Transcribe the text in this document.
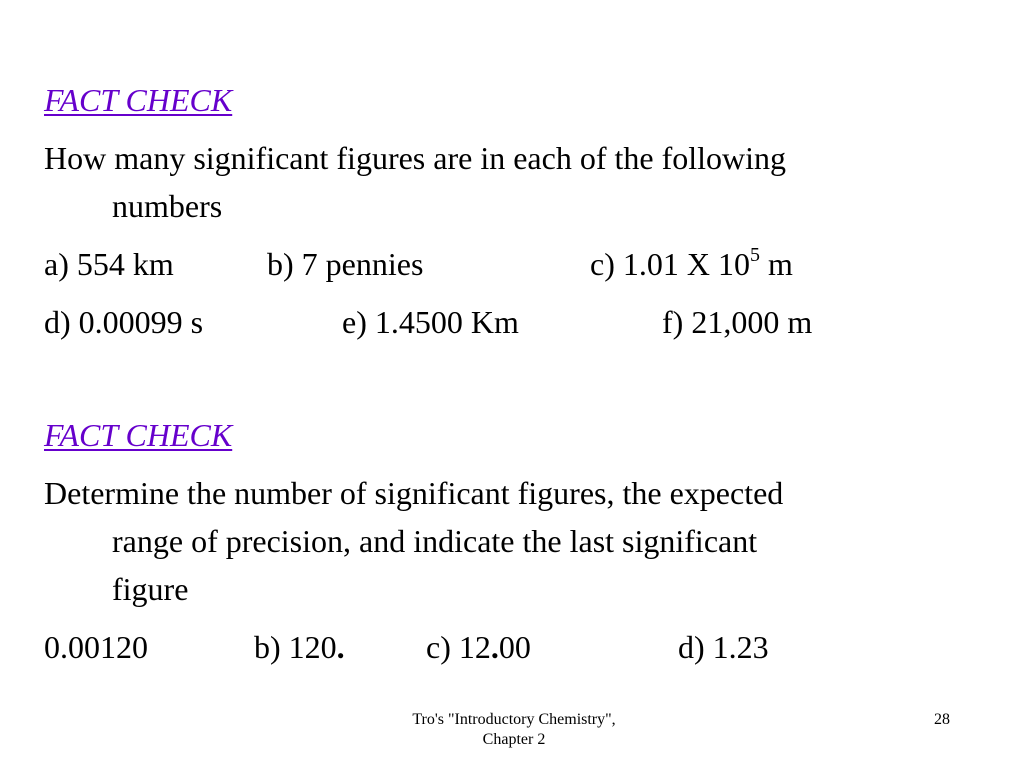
FACT CHECK
How many significant figures are in each of the following
numbers
a) 554 km	b) 7 pennies	c) 1.01 X $10^5$ m
d) 0.00099 s	e) 1.4500 Km	f) 21,000 m
FACT CHECK
Determine the number of significant figures, the expected
range of precision, and indicate the last significant
figure
0.00120	b) 120.	c) 12.00	d) 1.23
Tro's "Introductory Chemistry",
Chapter 2
28
